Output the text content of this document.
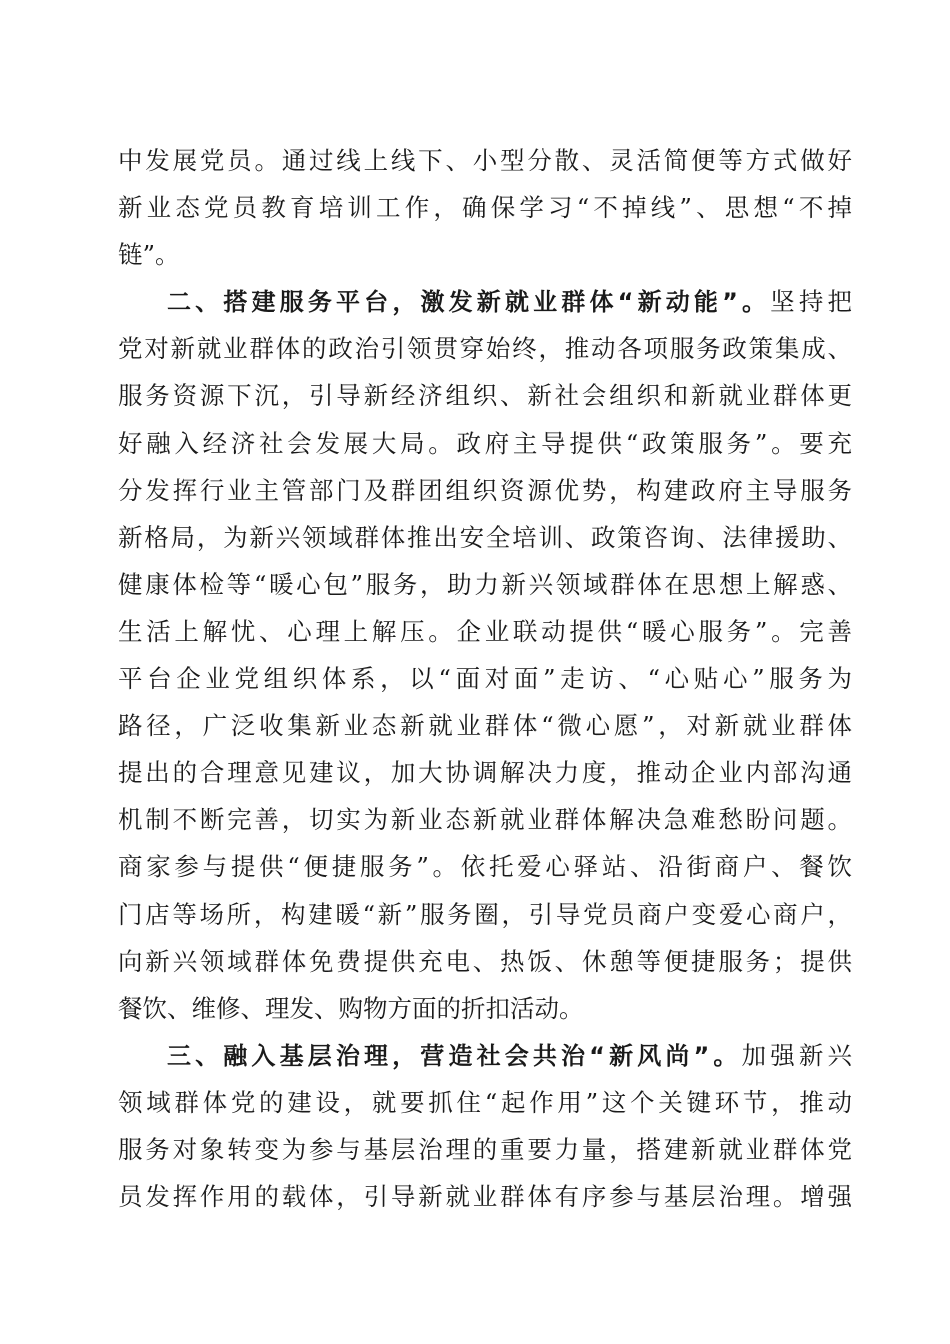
中发展党员。通过线上线下、小型分散、灵活简便等方式做好
新业态党员教育培训工作，确保学习“不掉线”、思想“不掉
链”。
二、搭建服务平台，激发新就业群体“新动能”。坚持把
党对新就业群体的政治引领贯穿始终，推动各项服务政策集成、
服务资源下沉，引导新经济组织、新社会组织和新就业群体更
好融入经济社会发展大局。政府主导提供“政策服务”。要充
分发挥行业主管部门及群团组织资源优势，构建政府主导服务
新格局，为新兴领域群体推出安全培训、政策咨询、法律援助、
健康体检等“暖心包”服务，助力新兴领域群体在思想上解惑、
生活上解忧、心理上解压。企业联动提供“暖心服务”。完善
平台企业党组织体系，以“面对面”走访、“心贴心”服务为
路径，广泛收集新业态新就业群体“微心愿”，对新就业群体
提出的合理意见建议，加大协调解决力度，推动企业内部沟通
机制不断完善，切实为新业态新就业群体解决急难愁盼问题。
商家参与提供“便捷服务”。依托爱心驿站、沿街商户、餐饮
门店等场所，构建暖“新”服务圈，引导党员商户变爱心商户，
向新兴领域群体免费提供充电、热饭、休憩等便捷服务；提供
餐饮、维修、理发、购物方面的折扣活动。
三、融入基层治理，营造社会共治“新风尚”。加强新兴
领域群体党的建设，就要抓住“起作用”这个关键环节，推动
服务对象转变为参与基层治理的重要力量，搭建新就业群体党
员发挥作用的载体，引导新就业群体有序参与基层治理。增强
